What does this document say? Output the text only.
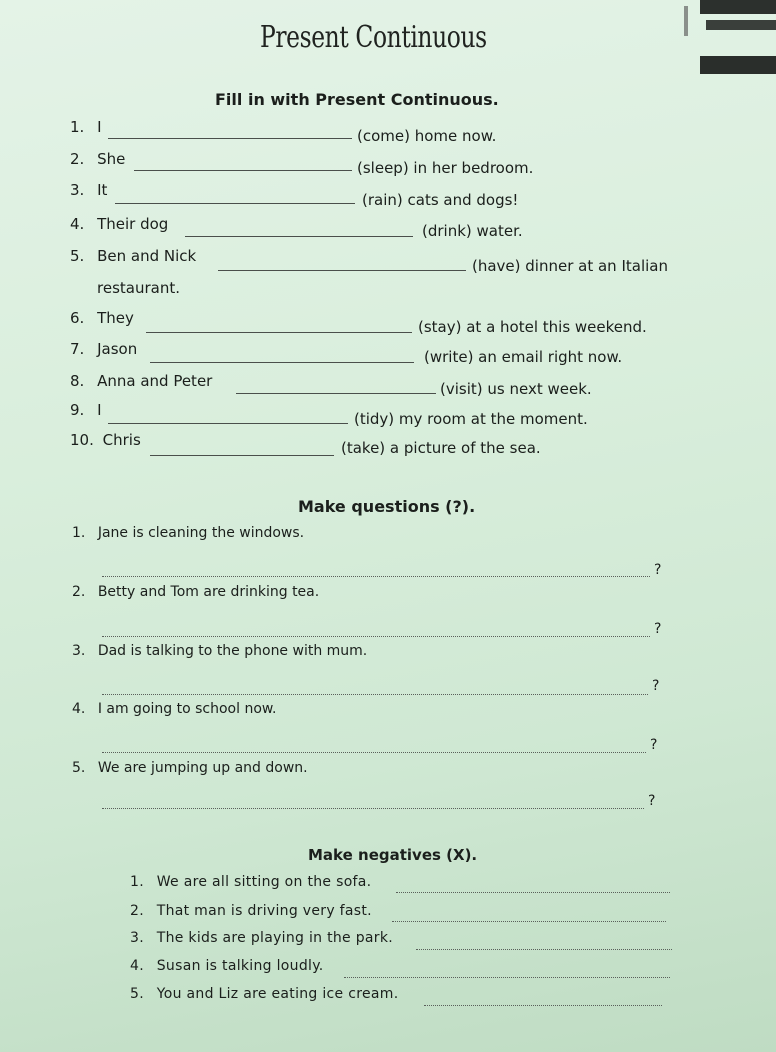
Present Continuous
Fill in with Present Continuous.
1. I	(come) home now.
2. She	(sleep) in her bedroom.
3. It
(rain) cats and dogs!
4. Their dog	(drink) water.
5. Ben and Nick
(have) dinner at an Italian
restaurant.
6. They	(stay) at a hotel this weekend.
7. Jason	(write) an email right now.
8. Anna and Peter	(visit) us next week.
9. I	(tidy) my room at the moment.
10. Chris	(take) a picture of the sea.
Make questions (?).
1. Jane is cleaning the windows.
?
2. Betty and Tom are drinking tea.
?
3. Dad is talking to the phone with mum.
?
4. I am going to school now.
?
5. We are jumping up and down.
?
Make negatives (X).
1. We are all sitting on the sofa.
2. That man is driving very fast.
3. The kids are playing in the park.
4. Susan is talking loudly.
5. You and Liz are eating ice cream.
